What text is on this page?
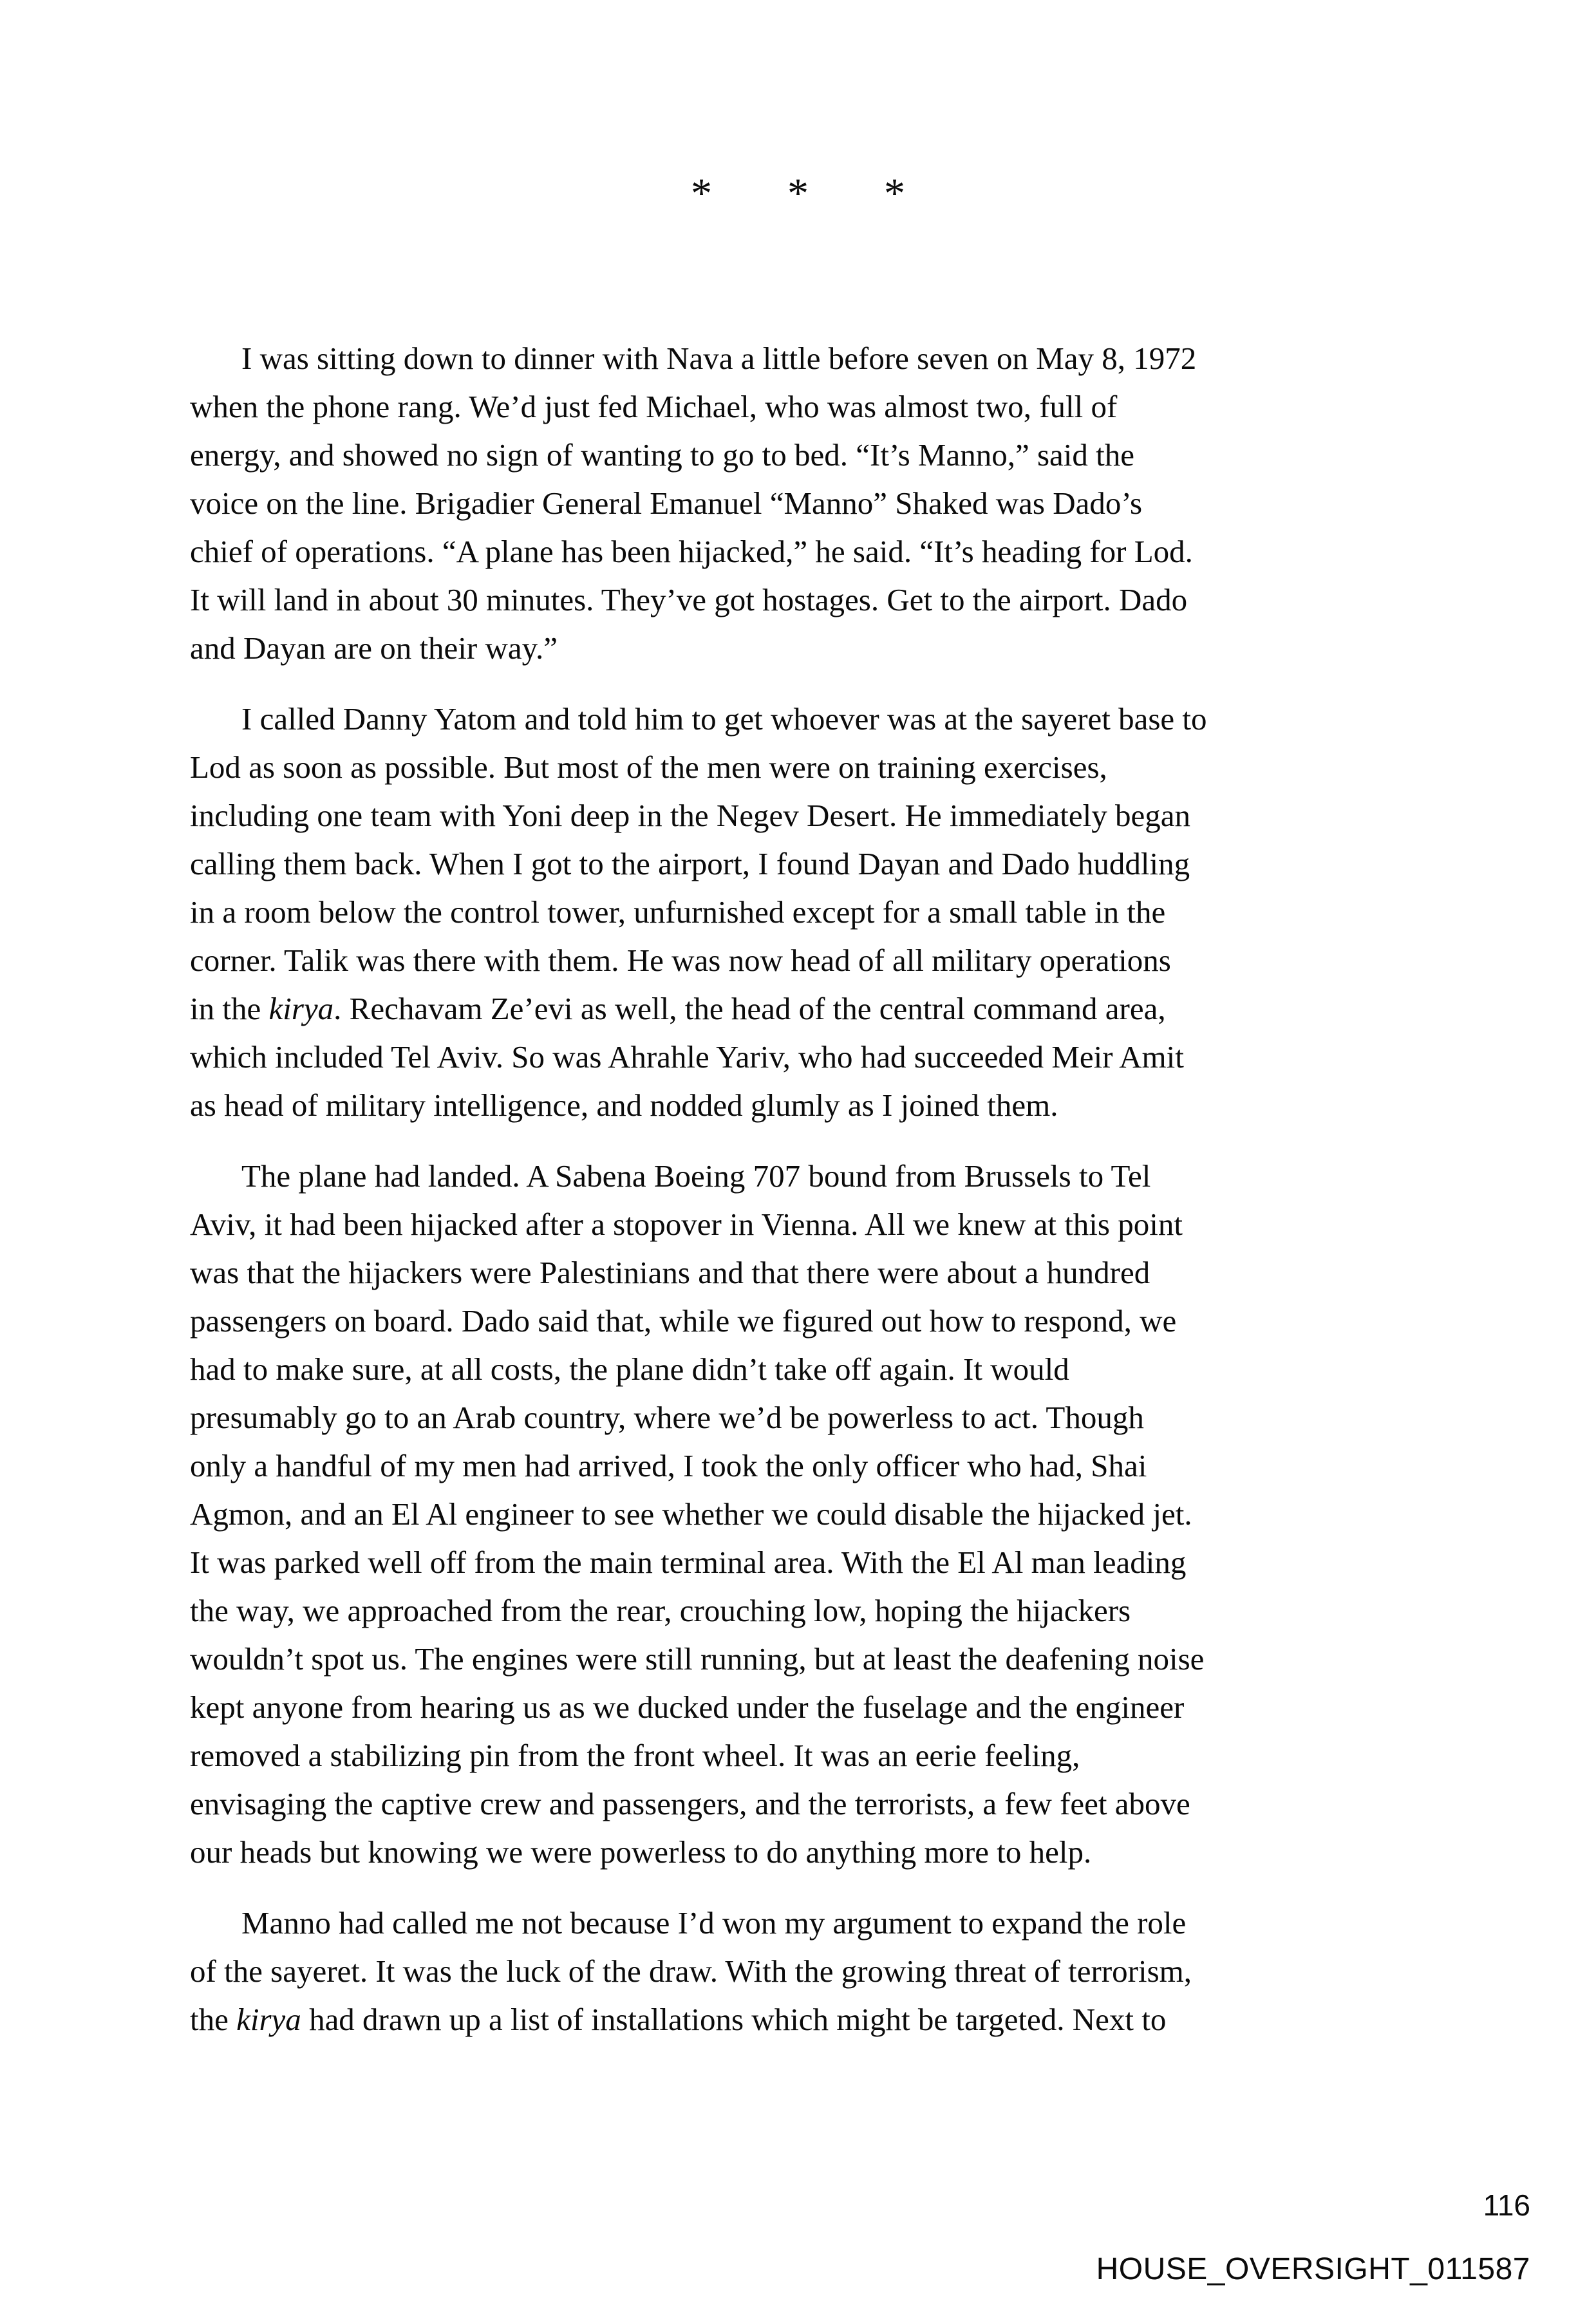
* * *
I was sitting down to dinner with Nava a little before seven on May 8, 1972
when the phone rang. We’d just fed Michael, who was almost two, full of
energy, and showed no sign of wanting to go to bed. “It’s Manno,” said the
voice on the line. Brigadier General Emanuel “Manno” Shaked was Dado’s
chief of operations. “A plane has been hijacked,” he said. “It’s heading for Lod.
It will land in about 30 minutes. They’ve got hostages. Get to the airport. Dado
and Dayan are on their way.”
I called Danny Yatom and told him to get whoever was at the sayeret base to
Lod as soon as possible. But most of the men were on training exercises,
including one team with Yoni deep in the Negev Desert. He immediately began
calling them back. When I got to the airport, I found Dayan and Dado huddling
in a room below the control tower, unfurnished except for a small table in the
corner. Talik was there with them. He was now head of all military operations
in the kirya. Rechavam Ze’evi as well, the head of the central command area,
which included Tel Aviv. So was Ahrahle Yariv, who had succeeded Meir Amit
as head of military intelligence, and nodded glumly as I joined them.
The plane had landed. A Sabena Boeing 707 bound from Brussels to Tel
Aviv, it had been hijacked after a stopover in Vienna. All we knew at this point
was that the hijackers were Palestinians and that there were about a hundred
passengers on board. Dado said that, while we figured out how to respond, we
had to make sure, at all costs, the plane didn’t take off again. It would
presumably go to an Arab country, where we’d be powerless to act. Though
only a handful of my men had arrived, I took the only officer who had, Shai
Agmon, and an El Al engineer to see whether we could disable the hijacked jet.
It was parked well off from the main terminal area. With the El Al man leading
the way, we approached from the rear, crouching low, hoping the hijackers
wouldn’t spot us. The engines were still running, but at least the deafening noise
kept anyone from hearing us as we ducked under the fuselage and the engineer
removed a stabilizing pin from the front wheel. It was an eerie feeling,
envisaging the captive crew and passengers, and the terrorists, a few feet above
our heads but knowing we were powerless to do anything more to help.
Manno had called me not because I’d won my argument to expand the role
of the sayeret. It was the luck of the draw. With the growing threat of terrorism,
the kirya had drawn up a list of installations which might be targeted. Next to
116
HOUSE_OVERSIGHT_011587
